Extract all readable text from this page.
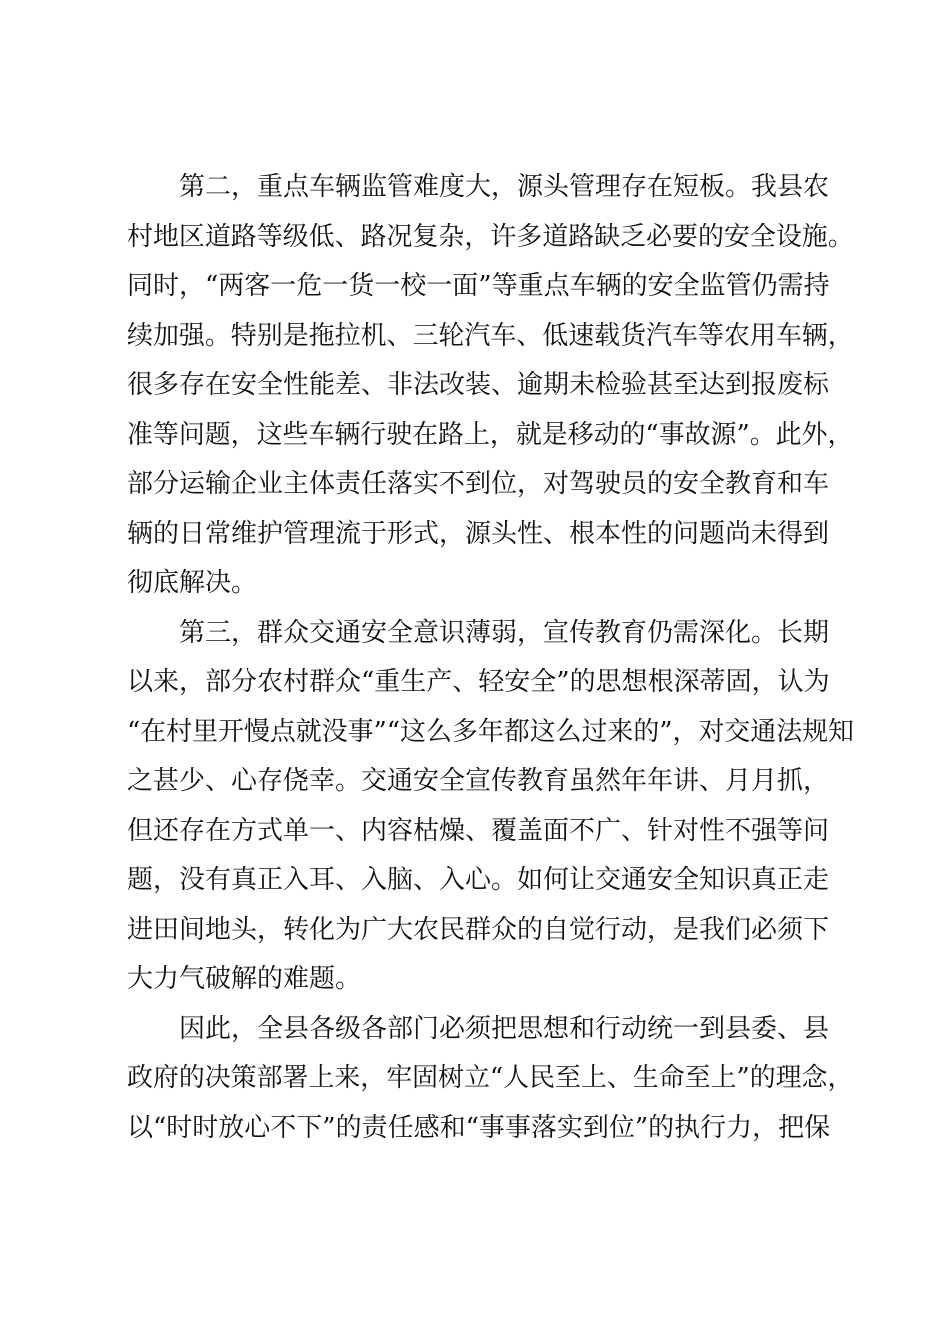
第二，重点车辆监管难度大，源头管理存在短板。我县农
村地区道路等级低、路况复杂，许多道路缺乏必要的安全设施。
同时，“两客一危一货一校一面”等重点车辆的安全监管仍需持
续加强。特别是拖拉机、三轮汽车、低速载货汽车等农用车辆，
很多存在安全性能差、非法改装、逾期未检验甚至达到报废标
准等问题，这些车辆行驶在路上，就是移动的“事故源”。此外，
部分运输企业主体责任落实不到位，对驾驶员的安全教育和车
辆的日常维护管理流于形式，源头性、根本性的问题尚未得到
彻底解决。
第三，群众交通安全意识薄弱，宣传教育仍需深化。长期
以来，部分农村群众“重生产、轻安全”的思想根深蒂固，认为
“在村里开慢点就没事”“这么多年都这么过来的”，对交通法规知
之甚少、心存侥幸。交通安全宣传教育虽然年年讲、月月抓，
但还存在方式单一、内容枯燥、覆盖面不广、针对性不强等问
题，没有真正入耳、入脑、入心。如何让交通安全知识真正走
进田间地头，转化为广大农民群众的自觉行动，是我们必须下
大力气破解的难题。
因此，全县各级各部门必须把思想和行动统一到县委、县
政府的决策部署上来，牢固树立“人民至上、生命至上”的理念，
以“时时放心不下”的责任感和“事事落实到位”的执行力，把保
